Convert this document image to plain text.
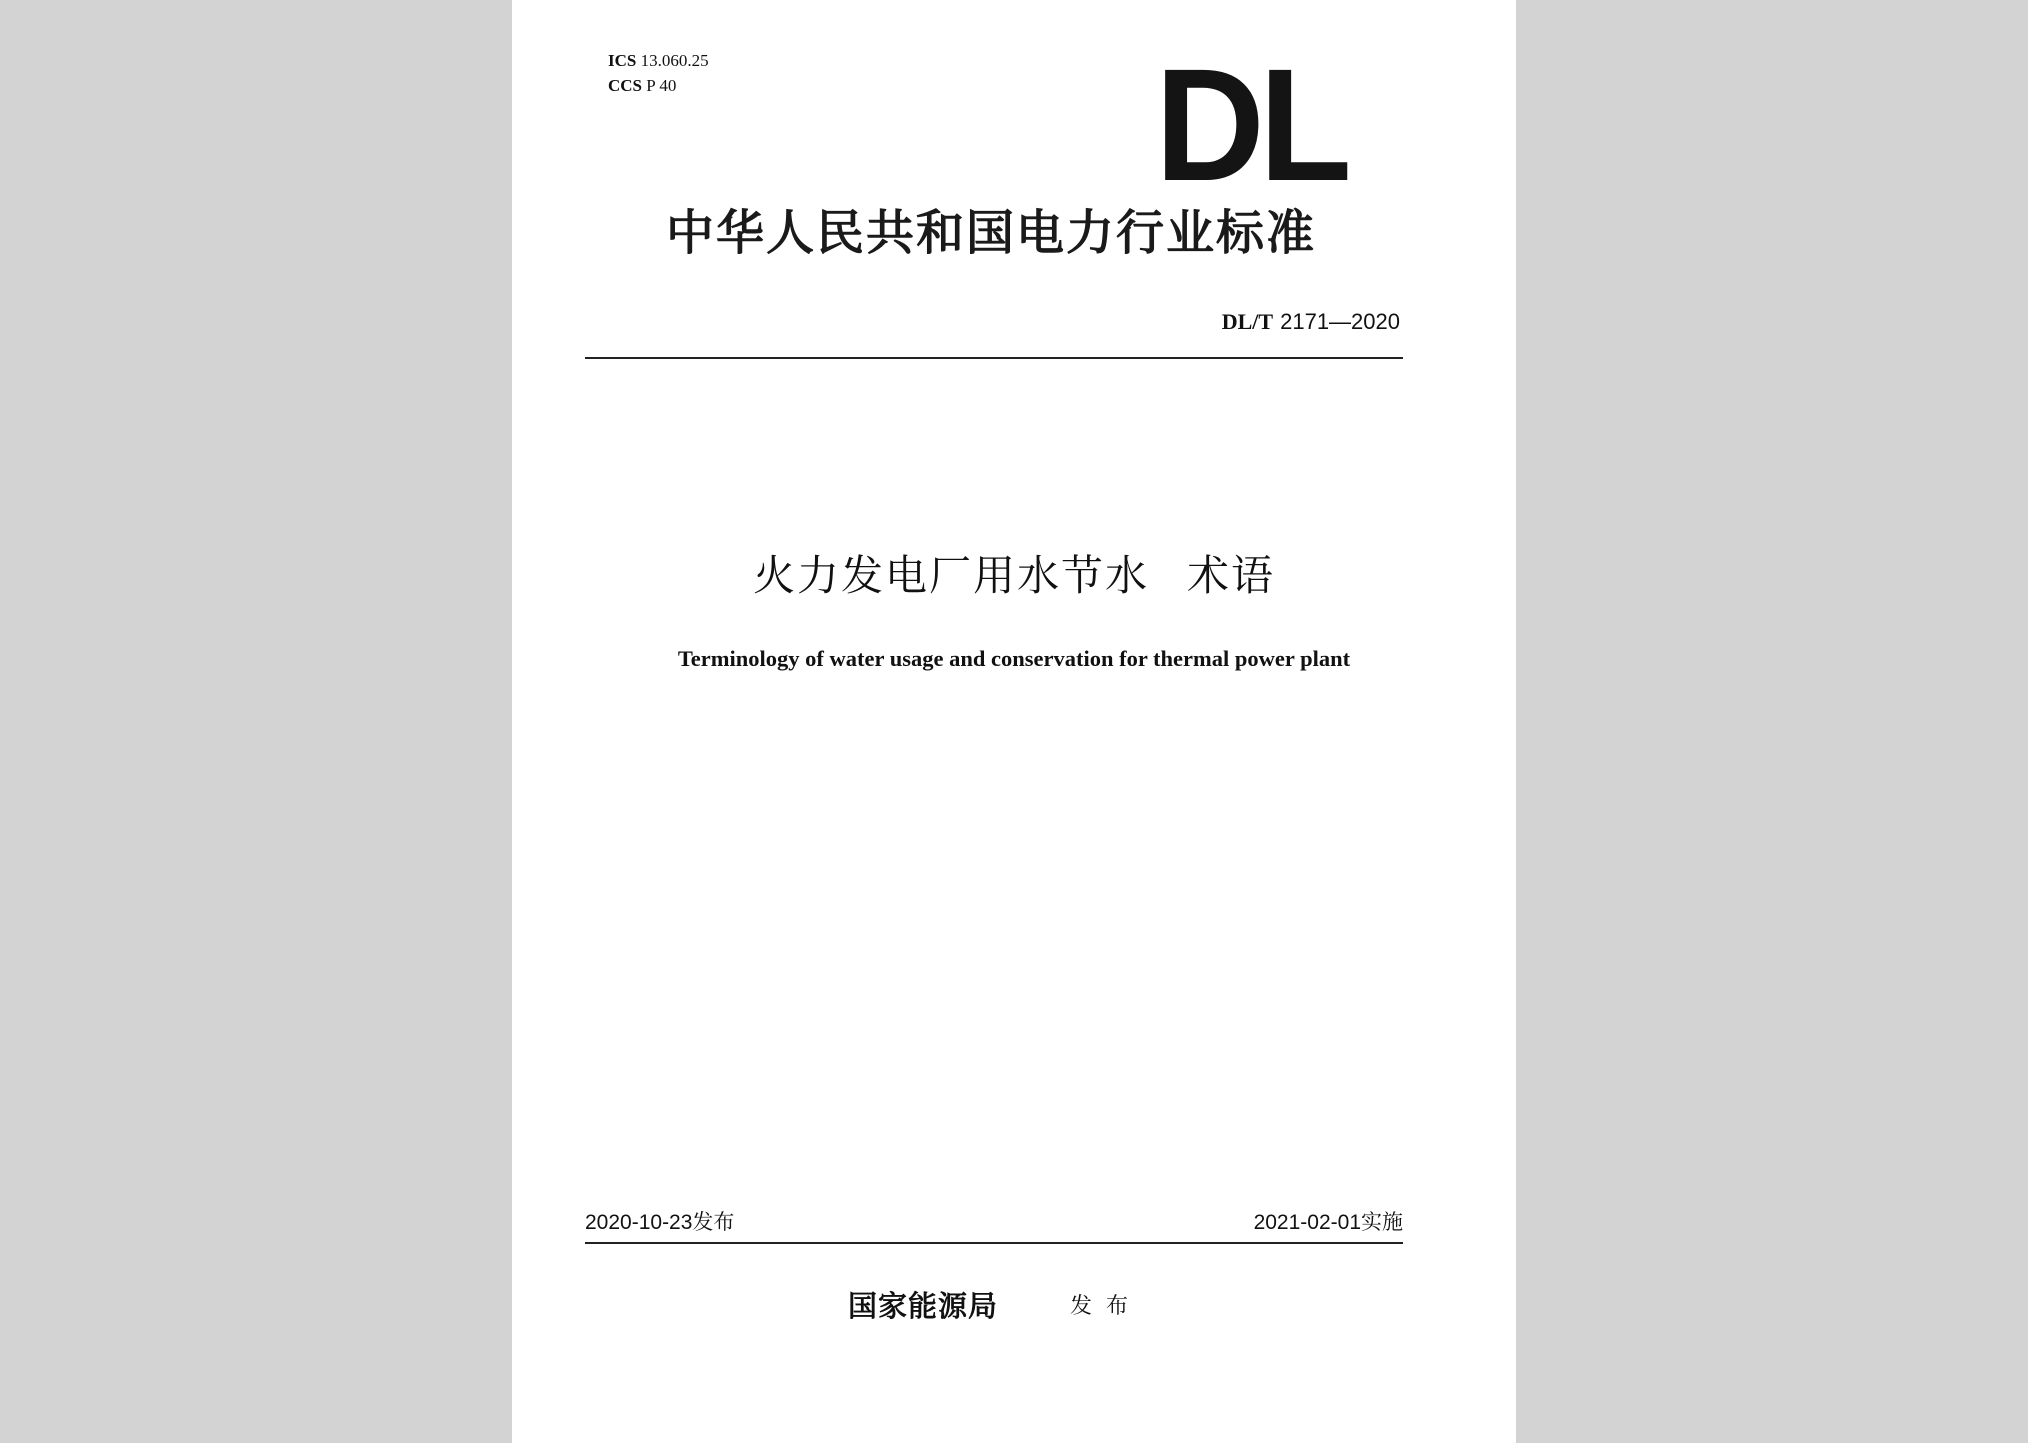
ICS 13.060.25
CCS P 40	DL
中华人民共和国电力行业标准
DL/T 2171—2020
火力发电厂用水节水 术语
Terminology of water usage and conservation for thermal power plant
2020-10-23发布	2021-02-01实施
国家能源局	发布
